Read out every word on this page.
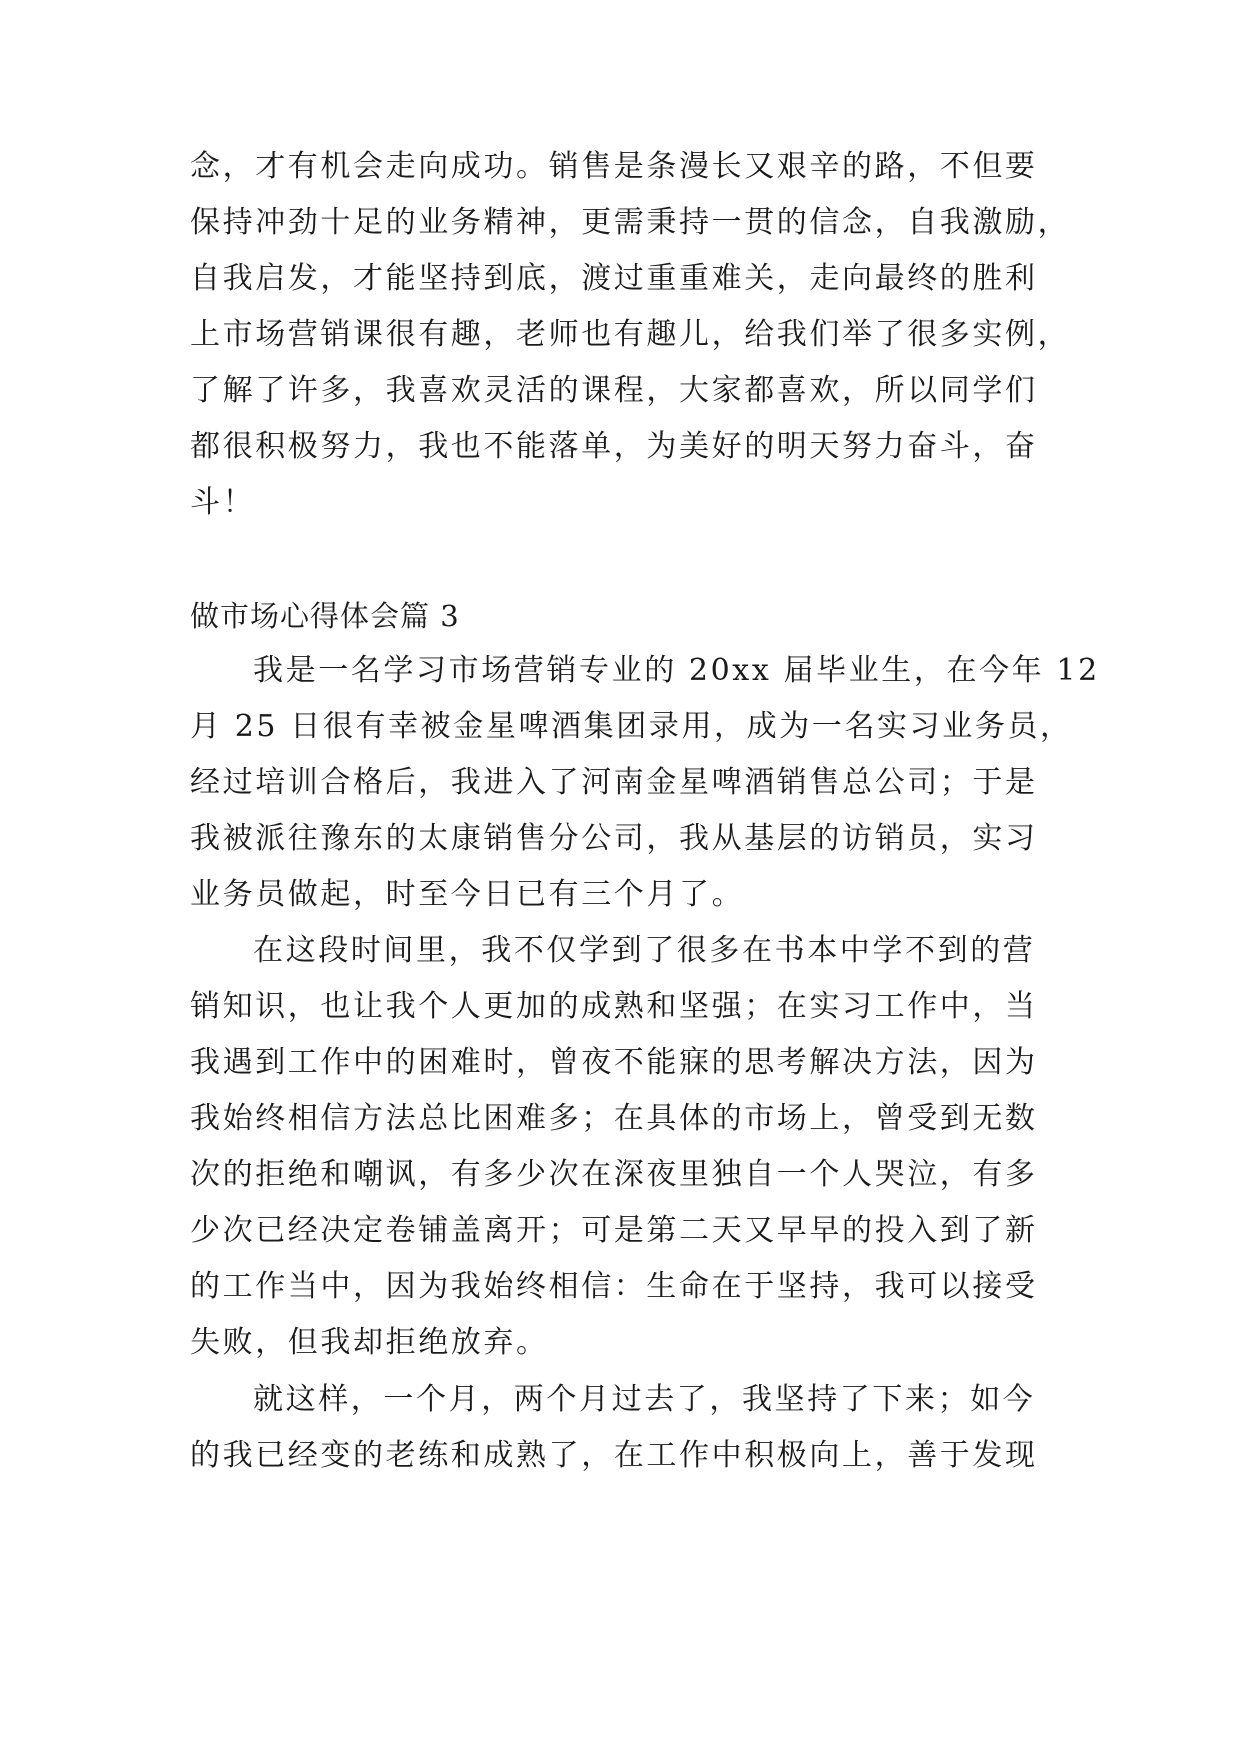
念，才有机会走向成功。销售是条漫长又艰辛的路，不但要
保持冲劲十足的业务精神，更需秉持一贯的信念，自我激励，
自我启发，才能坚持到底，渡过重重难关，走向最终的胜利
上市场营销课很有趣，老师也有趣儿，给我们举了很多实例，
了解了许多，我喜欢灵活的课程，大家都喜欢，所以同学们
都很积极努力，我也不能落单，为美好的明天努力奋斗，奋
斗！
做市场心得体会篇 3
我是一名学习市场营销专业的 20xx 届毕业生，在今年 12
月 25 日很有幸被金星啤酒集团录用，成为一名实习业务员，
经过培训合格后，我进入了河南金星啤酒销售总公司；于是
我被派往豫东的太康销售分公司，我从基层的访销员，实习
业务员做起，时至今日已有三个月了。
在这段时间里，我不仅学到了很多在书本中学不到的营
销知识，也让我个人更加的成熟和坚强；在实习工作中，当
我遇到工作中的困难时，曾夜不能寐的思考解决方法，因为
我始终相信方法总比困难多；在具体的市场上，曾受到无数
次的拒绝和嘲讽，有多少次在深夜里独自一个人哭泣，有多
少次已经决定卷铺盖离开；可是第二天又早早的投入到了新
的工作当中，因为我始终相信：生命在于坚持，我可以接受
失败，但我却拒绝放弃。
就这样，一个月，两个月过去了，我坚持了下来；如今
的我已经变的老练和成熟了，在工作中积极向上，善于发现
